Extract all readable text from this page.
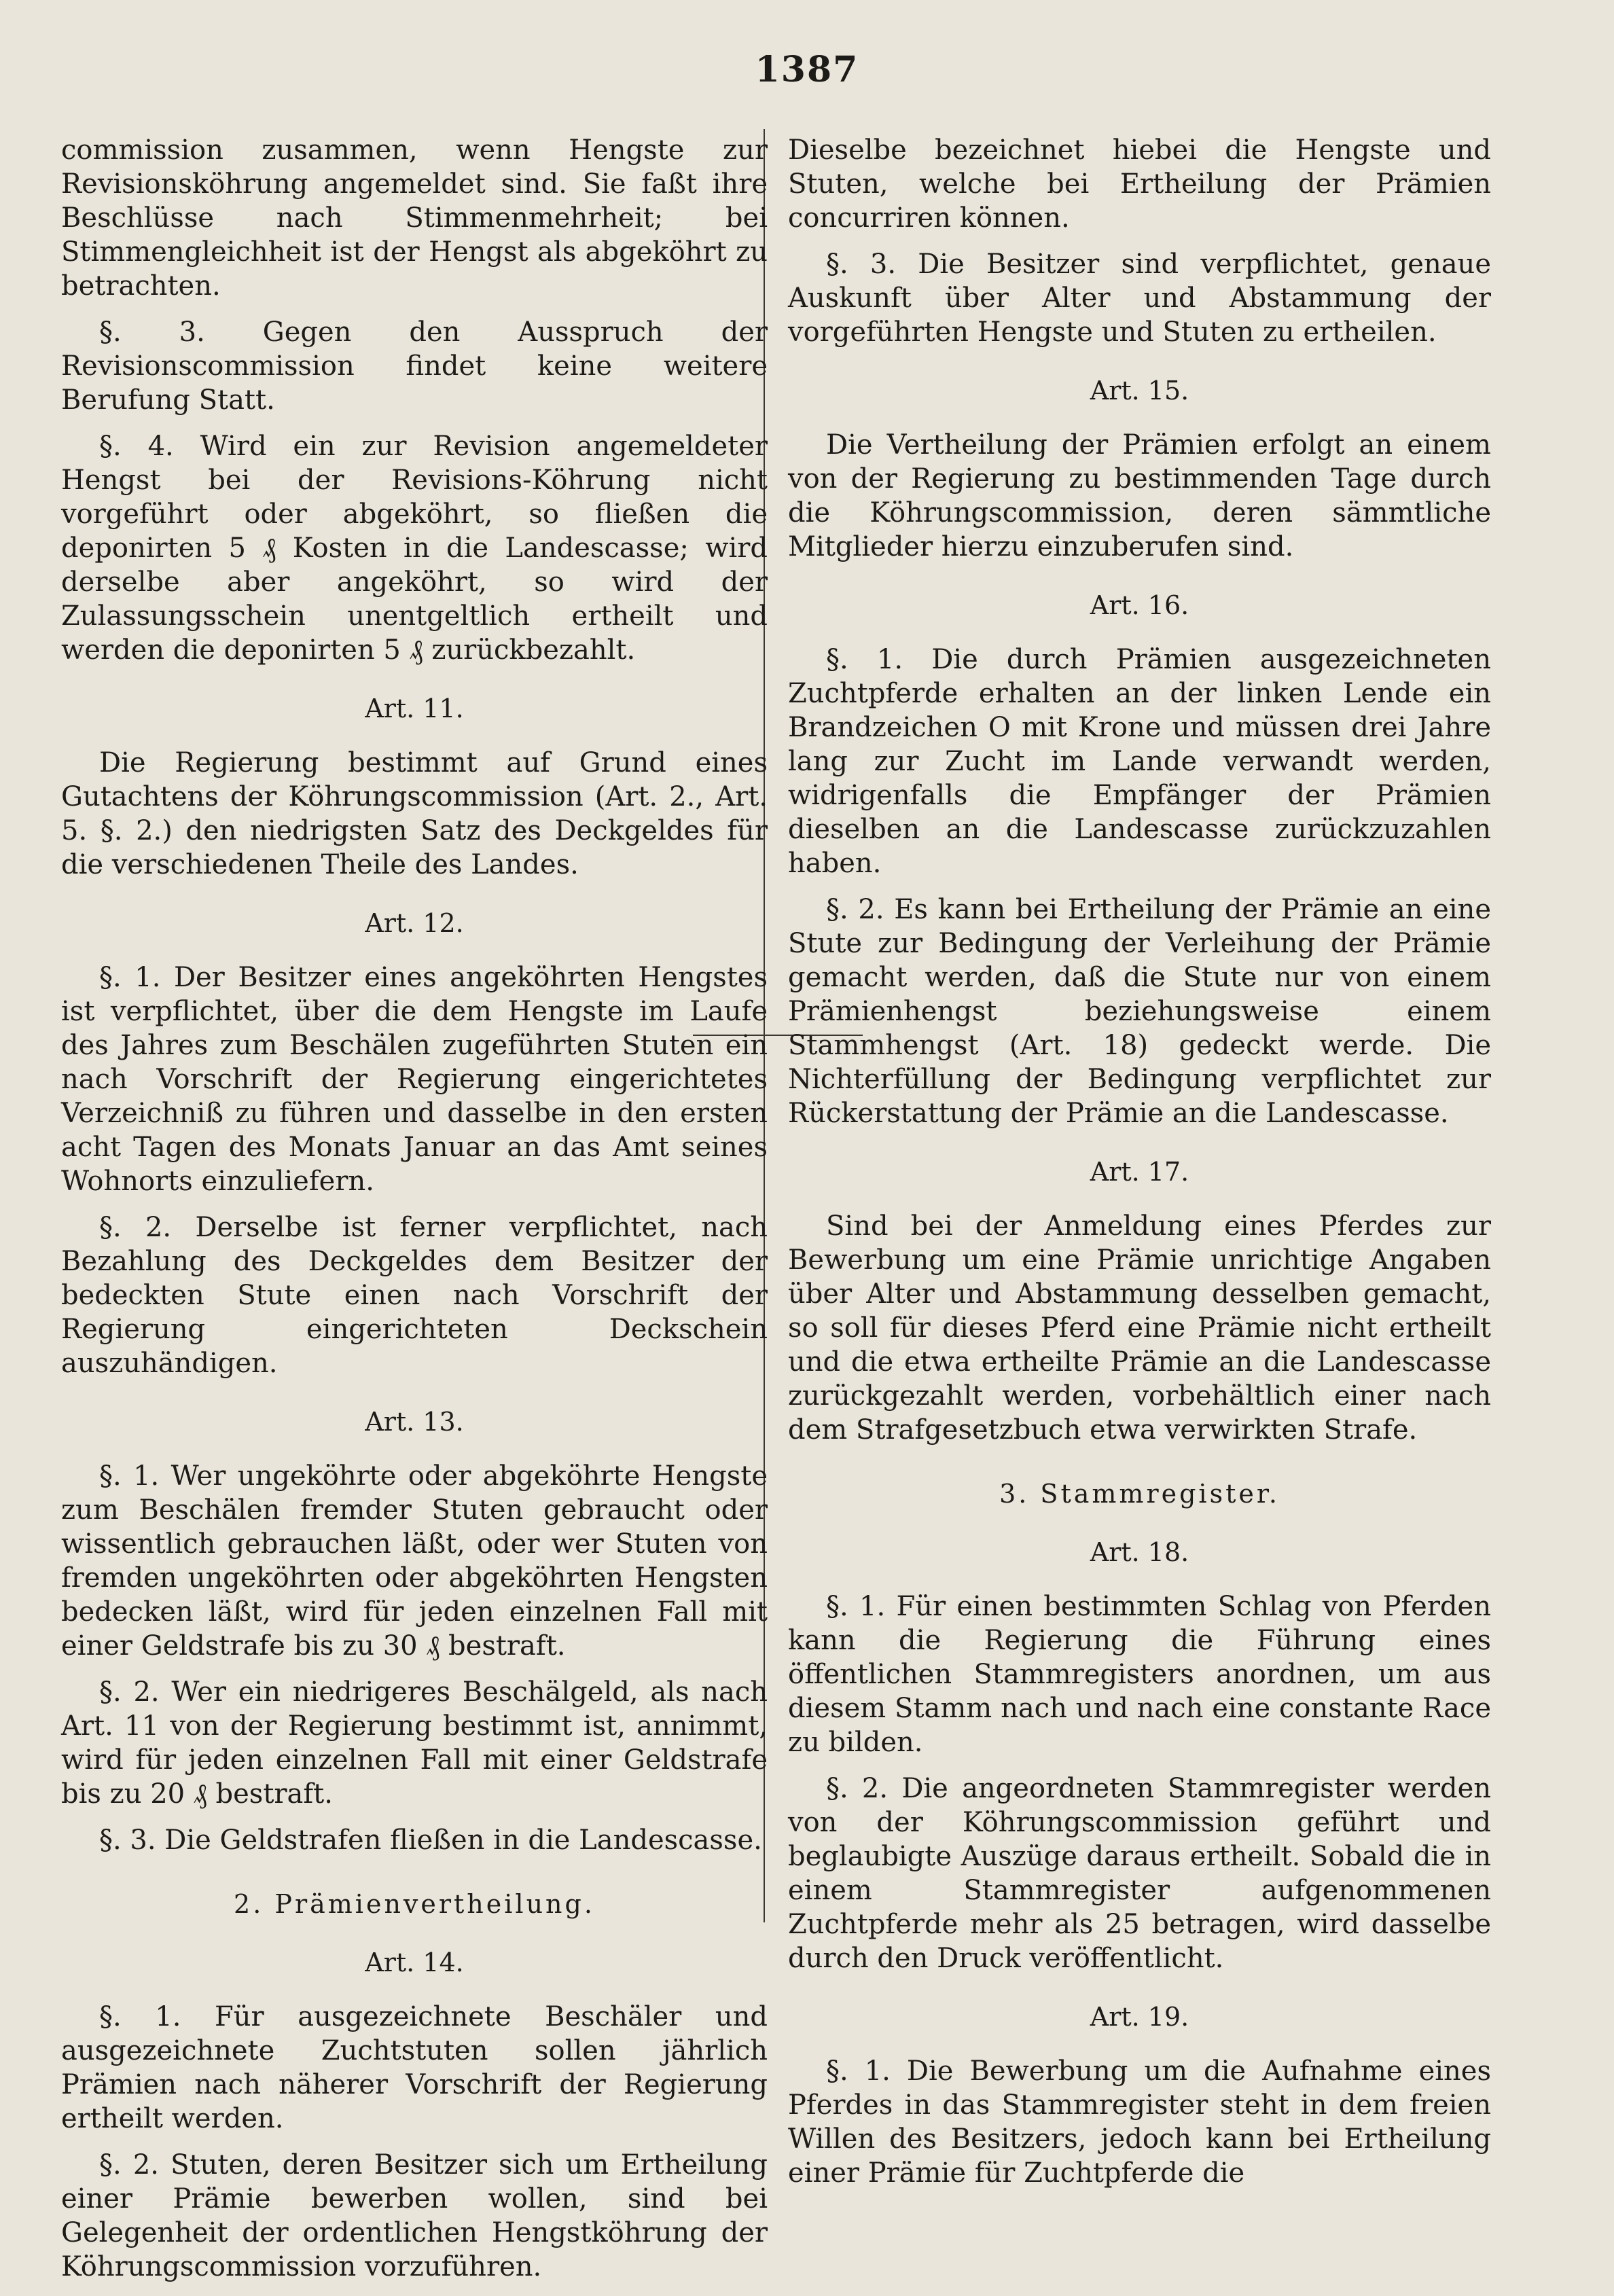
1387

commission zusammen, wenn Hengste zur Revisionsköhrung angemeldet sind. Sie faßt ihre Beschlüsse nach Stimmenmehrheit; bei Stimmengleichheit ist der Hengst als abgeköhrt zu betrachten.

§. 3. Gegen den Ausspruch der Revisionscommission findet keine weitere Berufung Statt.

§. 4. Wird ein zur Revision angemeldeter Hengst bei der Revisions-Köhrung nicht vorgeführt oder abgeköhrt, so fließen die deponirten 5 ₰ Kosten in die Landescasse; wird derselbe aber angeköhrt, so wird der Zulassungsschein unentgeltlich ertheilt und werden die deponirten 5 ₰ zurückbezahlt.

Art. 11.

Die Regierung bestimmt auf Grund eines Gutachtens der Köhrungscommission (Art. 2., Art. 5. §. 2.) den niedrigsten Satz des Deckgeldes für die verschiedenen Theile des Landes.

Art. 12.

§. 1. Der Besitzer eines angeköhrten Hengstes ist verpflichtet, über die dem Hengste im Laufe des Jahres zum Beschälen zugeführten Stuten ein nach Vorschrift der Regierung eingerichtetes Verzeichniß zu führen und dasselbe in den ersten acht Tagen des Monats Januar an das Amt seines Wohnorts einzuliefern.

§. 2. Derselbe ist ferner verpflichtet, nach Bezahlung des Deckgeldes dem Besitzer der bedeckten Stute einen nach Vorschrift der Regierung eingerichteten Deckschein auszuhändigen.

Art. 13.

§. 1. Wer ungeköhrte oder abgeköhrte Hengste zum Beschälen fremder Stuten gebraucht oder wissentlich gebrauchen läßt, oder wer Stuten von fremden ungeköhrten oder abgeköhrten Hengsten bedecken läßt, wird für jeden einzelnen Fall mit einer Geldstrafe bis zu 30 ₰ bestraft.

§. 2. Wer ein niedrigeres Beschälgeld, als nach Art. 11 von der Regierung bestimmt ist, annimmt, wird für jeden einzelnen Fall mit einer Geldstrafe bis zu 20 ₰ bestraft.

§. 3. Die Geldstrafen fließen in die Landescasse.

2. Prämienvertheilung.
Art. 14.

§. 1. Für ausgezeichnete Beschäler und ausgezeichnete Zuchtstuten sollen jährlich Prämien nach näherer Vorschrift der Regierung ertheilt werden.

§. 2. Stuten, deren Besitzer sich um Ertheilung einer Prämie bewerben wollen, sind bei Gelegenheit der ordentlichen Hengstköhrung der Köhrungscommission vorzuführen.

Dieselbe bezeichnet hiebei die Hengste und Stuten, welche bei Ertheilung der Prämien concurriren können.

§. 3. Die Besitzer sind verpflichtet, genaue Auskunft über Alter und Abstammung der vorgeführten Hengste und Stuten zu ertheilen.

Art. 15.

Die Vertheilung der Prämien erfolgt an einem von der Regierung zu bestimmenden Tage durch die Köhrungscommission, deren sämmtliche Mitglieder hierzu einzuberufen sind.

Art. 16.

§. 1. Die durch Prämien ausgezeichneten Zuchtpferde erhalten an der linken Lende ein Brandzeichen O mit Krone und müssen drei Jahre lang zur Zucht im Lande verwandt werden, widrigenfalls die Empfänger der Prämien dieselben an die Landescasse zurückzuzahlen haben.

§. 2. Es kann bei Ertheilung der Prämie an eine Stute zur Bedingung der Verleihung der Prämie gemacht werden, daß die Stute nur von einem Prämienhengst beziehungsweise einem Stammhengst (Art. 18) gedeckt werde. Die Nichterfüllung der Bedingung verpflichtet zur Rückerstattung der Prämie an die Landescasse.

Art. 17.

Sind bei der Anmeldung eines Pferdes zur Bewerbung um eine Prämie unrichtige Angaben über Alter und Abstammung desselben gemacht, so soll für dieses Pferd eine Prämie nicht ertheilt und die etwa ertheilte Prämie an die Landescasse zurückgezahlt werden, vorbehältlich einer nach dem Strafgesetzbuch etwa verwirkten Strafe.

3. Stammregister.
Art. 18.

§. 1. Für einen bestimmten Schlag von Pferden kann die Regierung die Führung eines öffentlichen Stammregisters anordnen, um aus diesem Stamm nach und nach eine constante Race zu bilden.

§. 2. Die angeordneten Stammregister werden von der Köhrungscommission geführt und beglaubigte Auszüge daraus ertheilt. Sobald die in einem Stammregister aufgenommenen Zuchtpferde mehr als 25 betragen, wird dasselbe durch den Druck veröffentlicht.

Art. 19.

§. 1. Die Bewerbung um die Aufnahme eines Pferdes in das Stammregister steht in dem freien Willen des Besitzers, jedoch kann bei Ertheilung einer Prämie für Zuchtpferde die
